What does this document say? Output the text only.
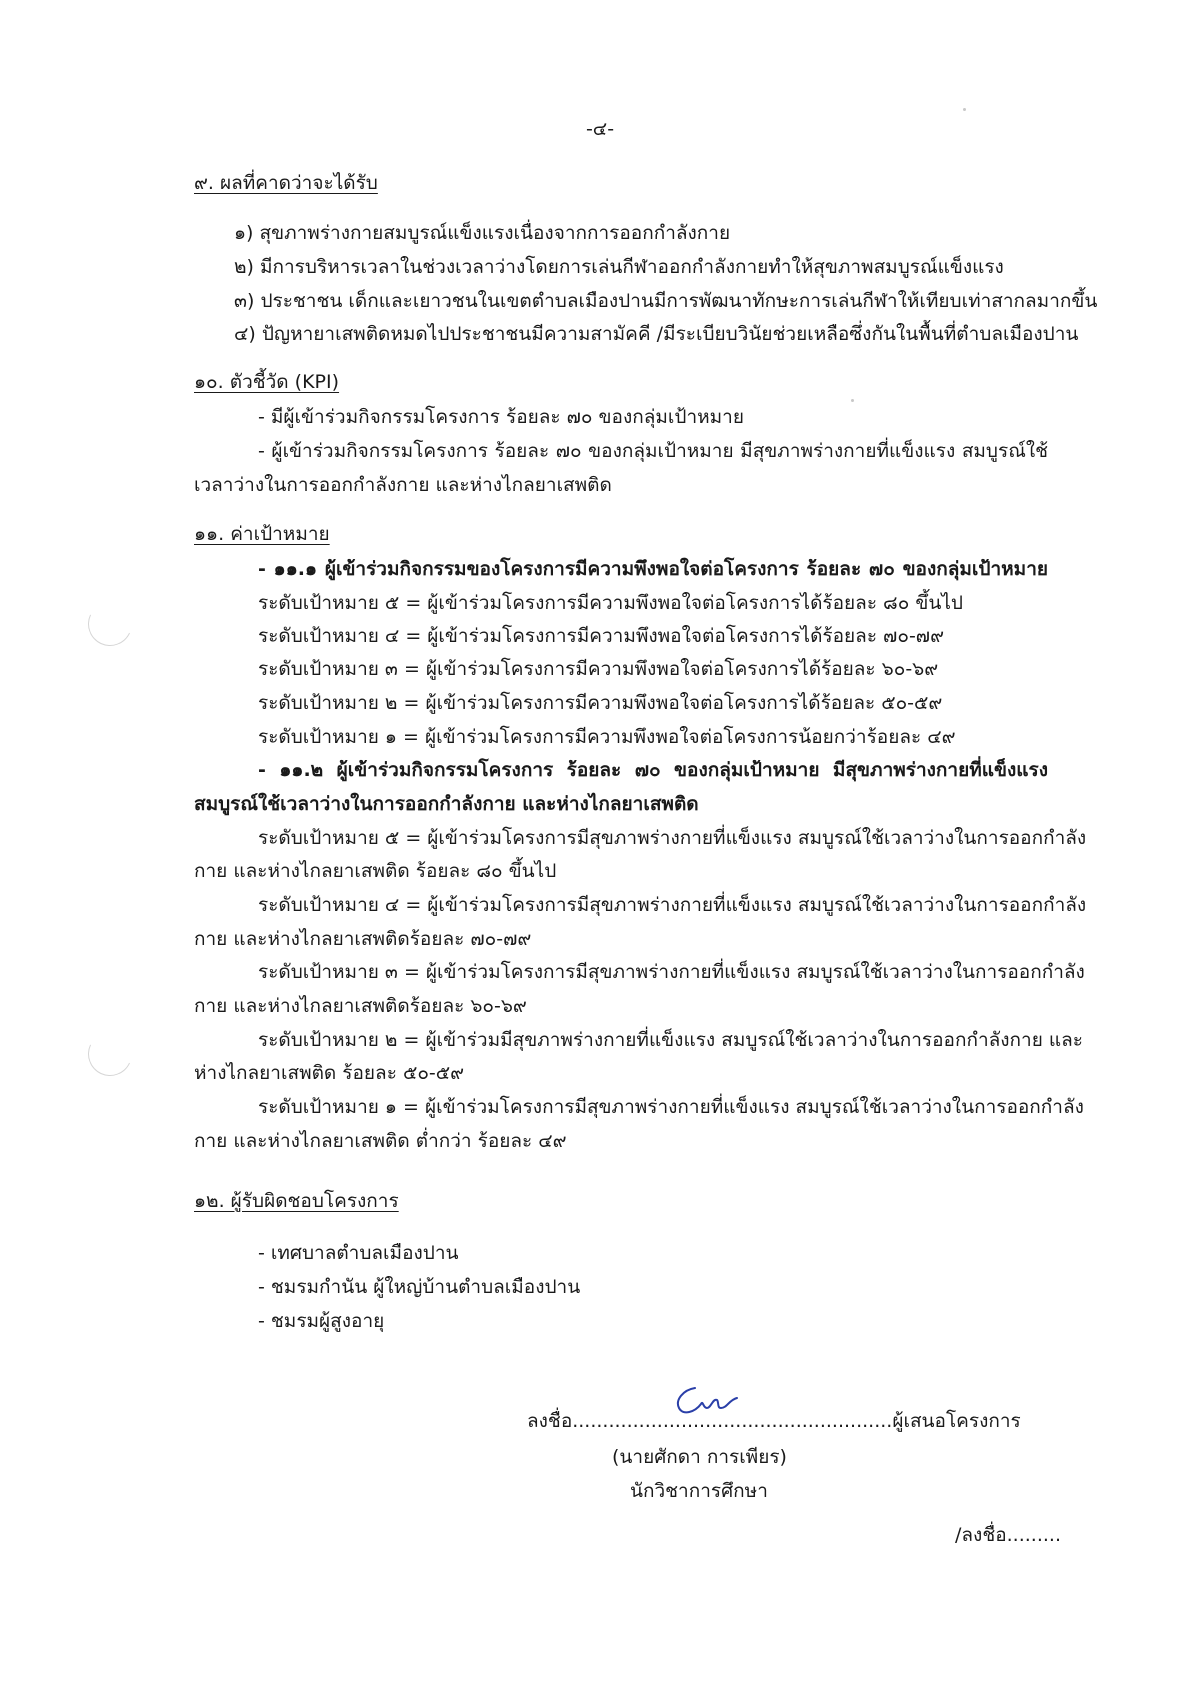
-๔-
๙. ผลที่คาดว่าจะได้รับ
๑) สุขภาพร่างกายสมบูรณ์แข็งแรงเนื่องจากการออกกำลังกาย
๒) มีการบริหารเวลาในช่วงเวลาว่างโดยการเล่นกีฬาออกกำลังกายทำให้สุขภาพสมบูรณ์แข็งแรง
๓) ประชาชน เด็กและเยาวชนในเขตตำบลเมืองปานมีการพัฒนาทักษะการเล่นกีฬาให้เทียบเท่าสากลมากขึ้น
๔) ปัญหายาเสพติดหมดไปประชาชนมีความสามัคคี /มีระเบียบวินัยช่วยเหลือซึ่งกันในพื้นที่ตำบลเมืองปาน
๑๐. ตัวชี้วัด (KPI)
- มีผู้เข้าร่วมกิจกรรมโครงการ ร้อยละ ๗๐ ของกลุ่มเป้าหมาย
- ผู้เข้าร่วมกิจกรรมโครงการ ร้อยละ ๗๐ ของกลุ่มเป้าหมาย มีสุขภาพร่างกายที่แข็งแรง สมบูรณ์ใช้
เวลาว่างในการออกกำลังกาย และห่างไกลยาเสพติด
๑๑. ค่าเป้าหมาย
- ๑๑.๑ ผู้เข้าร่วมกิจกรรมของโครงการมีความพึงพอใจต่อโครงการ ร้อยละ ๗๐ ของกลุ่มเป้าหมาย
ระดับเป้าหมาย ๕ = ผู้เข้าร่วมโครงการมีความพึงพอใจต่อโครงการได้ร้อยละ ๘๐ ขึ้นไป
ระดับเป้าหมาย ๔ = ผู้เข้าร่วมโครงการมีความพึงพอใจต่อโครงการได้ร้อยละ ๗๐-๗๙
ระดับเป้าหมาย ๓ = ผู้เข้าร่วมโครงการมีความพึงพอใจต่อโครงการได้ร้อยละ ๖๐-๖๙
ระดับเป้าหมาย ๒ = ผู้เข้าร่วมโครงการมีความพึงพอใจต่อโครงการได้ร้อยละ ๕๐-๕๙
ระดับเป้าหมาย ๑ = ผู้เข้าร่วมโครงการมีความพึงพอใจต่อโครงการน้อยกว่าร้อยละ ๔๙
- ๑๑.๒ ผู้เข้าร่วมกิจกรรมโครงการ ร้อยละ ๗๐ ของกลุ่มเป้าหมาย มีสุขภาพร่างกายที่แข็งแรง
สมบูรณ์ใช้เวลาว่างในการออกกำลังกาย และห่างไกลยาเสพติด
ระดับเป้าหมาย ๕ = ผู้เข้าร่วมโครงการมีสุขภาพร่างกายที่แข็งแรง สมบูรณ์ใช้เวลาว่างในการออกกำลัง
กาย และห่างไกลยาเสพติด ร้อยละ ๘๐ ขึ้นไป
ระดับเป้าหมาย ๔ = ผู้เข้าร่วมโครงการมีสุขภาพร่างกายที่แข็งแรง สมบูรณ์ใช้เวลาว่างในการออกกำลัง
กาย และห่างไกลยาเสพติดร้อยละ ๗๐-๗๙
ระดับเป้าหมาย ๓ = ผู้เข้าร่วมโครงการมีสุขภาพร่างกายที่แข็งแรง สมบูรณ์ใช้เวลาว่างในการออกกำลัง
กาย และห่างไกลยาเสพติดร้อยละ ๖๐-๖๙
ระดับเป้าหมาย ๒ = ผู้เข้าร่วมมีสุขภาพร่างกายที่แข็งแรง สมบูรณ์ใช้เวลาว่างในการออกกำลังกาย และ
ห่างไกลยาเสพติด ร้อยละ ๕๐-๕๙
ระดับเป้าหมาย ๑ = ผู้เข้าร่วมโครงการมีสุขภาพร่างกายที่แข็งแรง สมบูรณ์ใช้เวลาว่างในการออกกำลัง
กาย และห่างไกลยาเสพติด ต่ำกว่า ร้อยละ ๔๙
๑๒. ผู้รับผิดชอบโครงการ
- เทศบาลตำบลเมืองปาน
- ชมรมกำนัน ผู้ใหญ่บ้านตำบลเมืองปาน
- ชมรมผู้สูงอายุ
ลงชื่อ.....................................................ผู้เสนอโครงการ
(นายศักดา การเพียร)
นักวิชาการศึกษา
/ลงชื่อ.........
